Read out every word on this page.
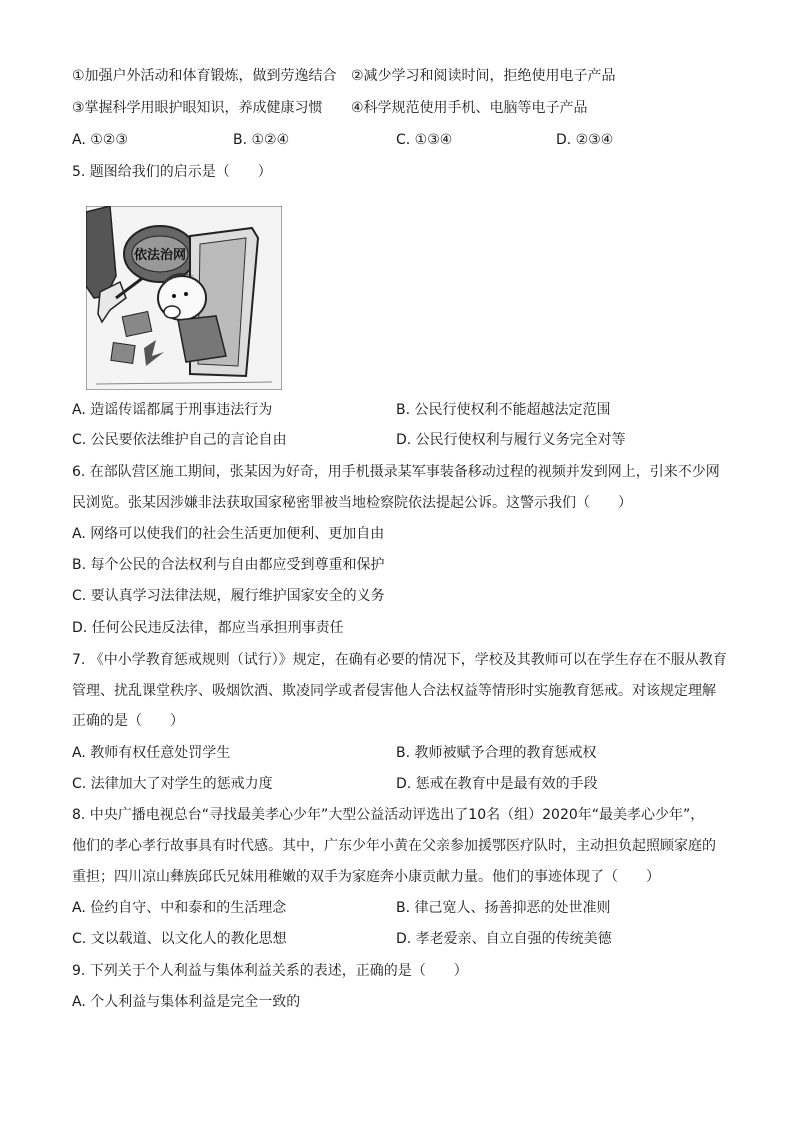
①加强户外活动和体育锻炼，做到劳逸结合 ②减少学习和阅读时间，拒绝使用电子产品
③掌握科学用眼护眼知识，养成健康习惯 ④科学规范使用手机、电脑等电子产品
A. ①②③	B. ①②④	C. ①③④	D. ②③④
5. 题图给我们的启示是（　　）
依法治网
A. 造谣传谣都属于刑事违法行为	B. 公民行使权利不能超越法定范围
C. 公民要依法维护自己的言论自由	D. 公民行使权利与履行义务完全对等
6. 在部队营区施工期间，张某因为好奇，用手机摄录某军事装备移动过程的视频并发到网上，引来不少网
民浏览。张某因涉嫌非法获取国家秘密罪被当地检察院依法提起公诉。这警示我们（　　）
A. 网络可以使我们的社会生活更加便利、更加自由
B. 每个公民的合法权利与自由都应受到尊重和保护
C. 要认真学习法律法规，履行维护国家安全的义务
D. 任何公民违反法律，都应当承担刑事责任
7. 《中小学教育惩戒规则（试行）》规定，在确有必要的情况下，学校及其教师可以在学生存在不服从教育
管理、扰乱课堂秩序、吸烟饮酒、欺凌同学或者侵害他人合法权益等情形时实施教育惩戒。对该规定理解
正确的是（　　）
A. 教师有权任意处罚学生	B. 教师被赋予合理的教育惩戒权
C. 法律加大了对学生的惩戒力度	D. 惩戒在教育中是最有效的手段
8. 中央广播电视总台“寻找最美孝心少年”大型公益活动评选出了10名（组）2020年“最美孝心少年”，
他们的孝心孝行故事具有时代感。其中，广东少年小黄在父亲参加援鄂医疗队时，主动担负起照顾家庭的
重担；四川凉山彝族邱氏兄妹用稚嫩的双手为家庭奔小康贡献力量。他们的事迹体现了（　　）
A. 俭约自守、中和泰和的生活理念	B. 律己宽人、扬善抑恶的处世准则
C. 文以载道、以文化人的教化思想	D. 孝老爱亲、自立自强的传统美德
9. 下列关于个人利益与集体利益关系的表述，正确的是（　　）
A. 个人利益与集体利益是完全一致的
